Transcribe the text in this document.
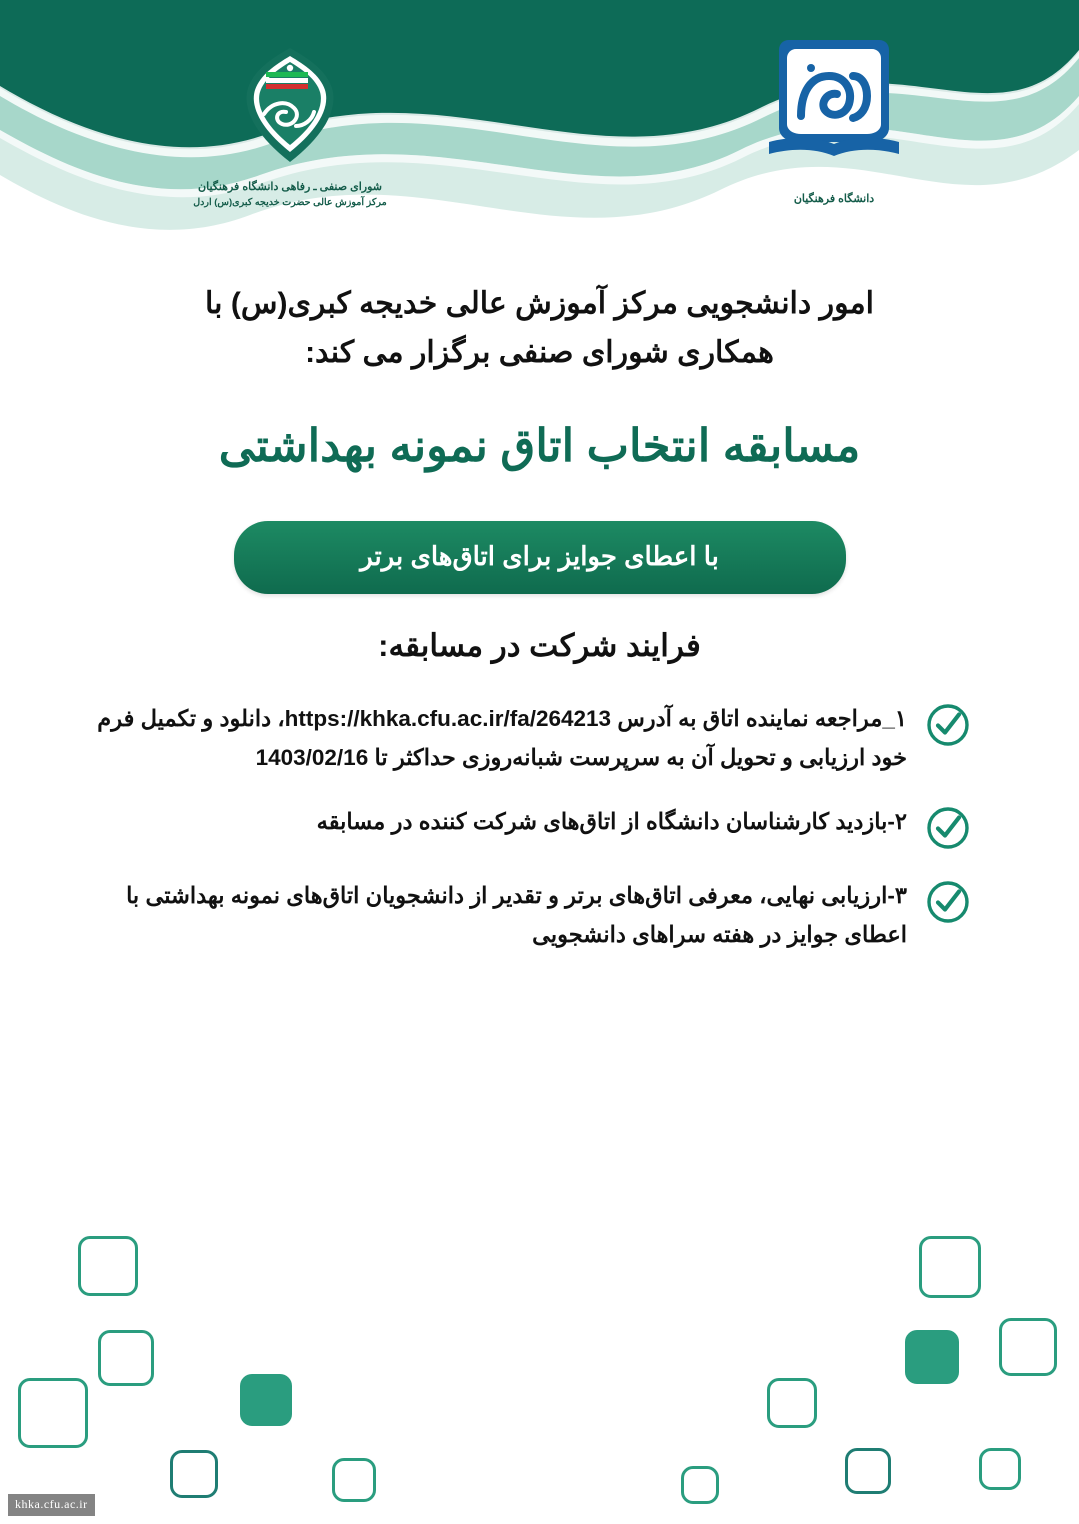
شورای صنفی ـ رفاهی دانشگاه فرهنگیان
مرکز آموزش عالی حضرت خدیجه کبری(س) اردل	دانشگاه فرهنگیان
امور دانشجویی مرکز آموزش عالی خدیجه کبری(س) با همکاری شورای صنفی برگزار می کند:
مسابقه انتخاب اتاق نمونه بهداشتی
با اعطای جوایز برای اتاق‌های برتر
فرایند شرکت در مسابقه:
۱_مراجعه نماینده اتاق به آدرس https://khka.cfu.ac.ir/fa/264213، دانلود و تکمیل فرم خود ارزیابی و تحویل آن به سرپرست شبانه‌روزی حداکثر تا 1403/02/16
۲-بازدید کارشناسان دانشگاه از اتاق‌های شرکت کننده در مسابقه
۳-ارزیابی نهایی، معرفی اتاق‌های برتر و تقدیر از دانشجویان اتاق‌های نمونه بهداشتی با اعطای جوایز در هفته سراهای دانشجویی
khka.cfu.ac.ir
